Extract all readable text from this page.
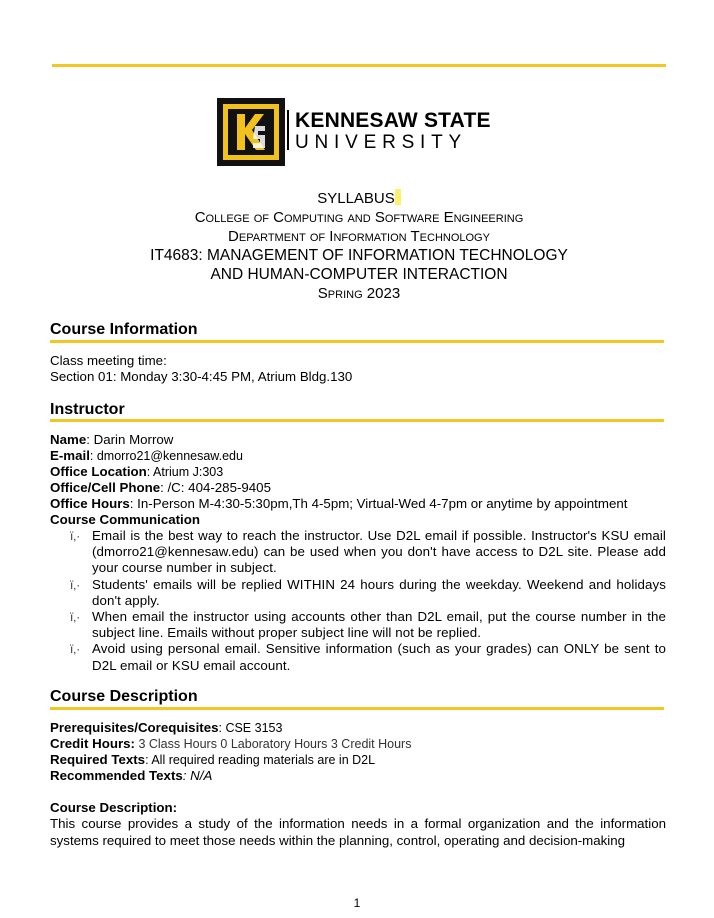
KENNESAW STATE
UNIVERSITY
SYLLABUS
College of Computing and Software Engineering
Department of Information Technology
IT4683: MANAGEMENT OF INFORMATION TECHNOLOGY
AND HUMAN-COMPUTER INTERACTION
Spring 2023
Course Information
Class meeting time:
Section 01: Monday 3:30-4:45 PM, Atrium Bldg.130
Instructor
Name: Darin Morrow
E-mail: dmorro21@kennesaw.edu
Office Location: Atrium J:303
Office/Cell Phone: /C: 404-285-9405
Office Hours: In-Person M-4:30-5:30pm,Th 4-5pm; Virtual-Wed 4-7pm or anytime by appointment
Course Communication
ï‚· Email is the best way to reach the instructor. Use D2L email if possible. Instructor's KSU email (dmorro21@kennesaw.edu) can be used when you don't have access to D2L site. Please add your course number in subject.
ï‚· Students' emails will be replied WITHIN 24 hours during the weekday. Weekend and holidays don't apply.
ï‚· When email the instructor using accounts other than D2L email, put the course number in the subject line. Emails without proper subject line will not be replied.
ï‚· Avoid using personal email. Sensitive information (such as your grades) can ONLY be sent to D2L email or KSU email account.
Course Description
Prerequisites/Corequisites: CSE 3153
Credit Hours: 3 Class Hours 0 Laboratory Hours 3 Credit Hours
Required Texts: All required reading materials are in D2L
Recommended Texts: N/A
Course Description:
This course provides a study of the information needs in a formal organization and the information systems required to meet those needs within the planning, control, operating and decision-making
1
